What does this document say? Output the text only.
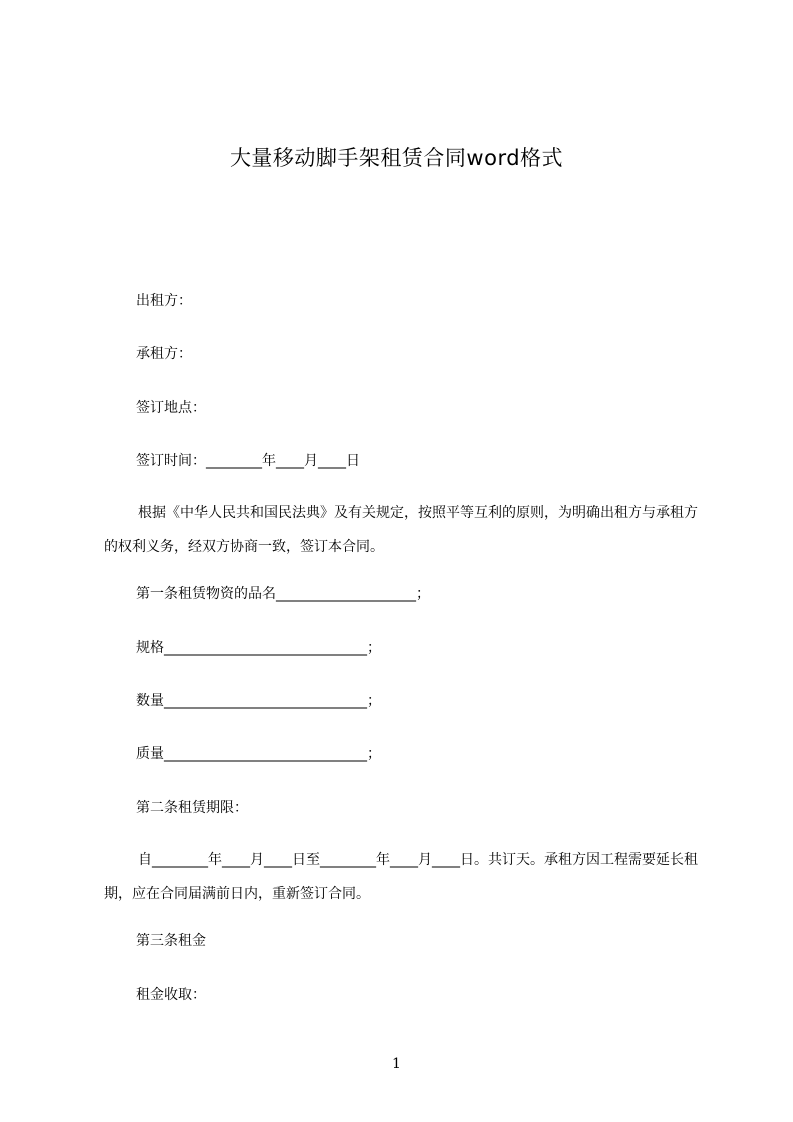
大量移动脚手架租赁合同word格式
出租方：
承租方：
签订地点：
签订时间：________年____月____日
根据《中华人民共和国民法典》及有关规定，按照平等互利的原则，为明确出租方与承租方的权利义务，经双方协商一致，签订本合同。
第一条租赁物资的品名____________________；
规格_____________________________；
数量_____________________________；
质量_____________________________；
第二条租赁期限：
自________年____月____日至________年____月____日。共订天。承租方因工程需要延长租期，应在合同届满前日内，重新签订合同。
第三条租金
租金收取：
1
